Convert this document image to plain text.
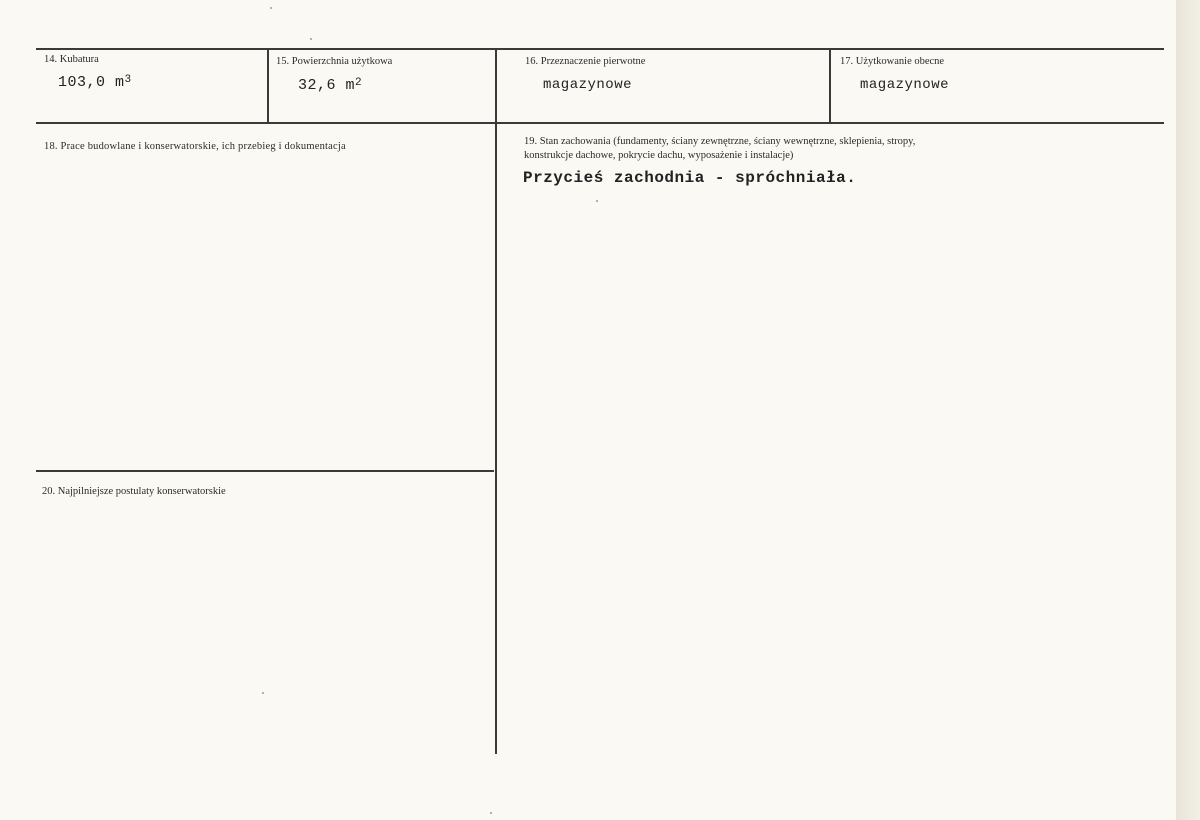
14. Kubatura
103,0 $m^3$
15. Powierzchnia użytkowa
32,6 $m^2$
16. Przeznaczenie pierwotne
magazynowe
17. Użytkowanie obecne
magazynowe
18. Prace budowlane i konserwatorskie, ich przebieg i dokumentacja	19. Stan zachowania (fundamenty, ściany zewnętrzne, ściany wewnętrzne, sklepienia, stropy,
konstrukcje dachowe, pokrycie dachu, wyposażenie i instalacje)
Przycieś zachodnia - spróchniała.
20. Najpilniejsze postulaty konserwatorskie
